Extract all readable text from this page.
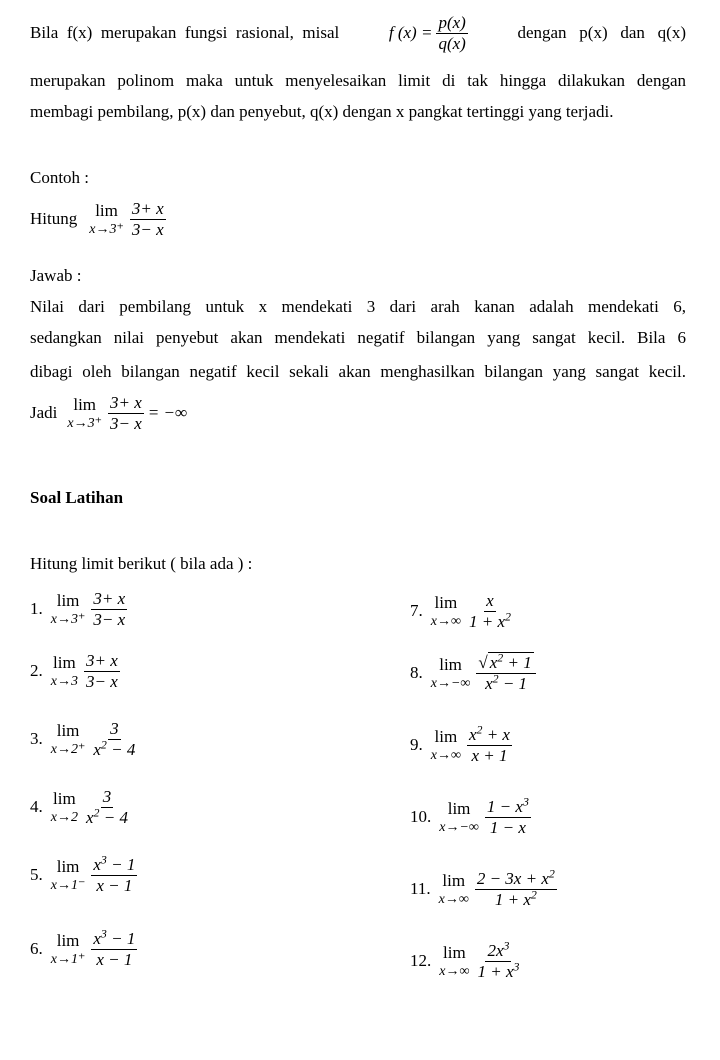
Bila  f(x)  merupakan  fungsi  rasional,  misal	f $(x) = \frac{p(x)}{q(x)}$	dengan   p(x)   dan   q(x)
merupakan polinom maka untuk menyelesaikan limit di tak hingga dilakukan dengan
membagi pembilang, p(x) dan penyebut, q(x) dengan x pangkat tertinggi yang terjadi.
Contoh :
Hitung lim
$x\to 3^+ \frac{3+ x}{3- x}$
Jawab :
Nilai dari pembilang untuk x mendekati 3 dari arah kanan adalah mendekati 6,
sedangkan nilai penyebut akan mendekati negatif bilangan yang sangat kecil. Bila 6
dibagi oleh bilangan negatif kecil sekali akan menghasilkan bilangan yang sangat kecil.
Jadi lim
$x\to 3^+ \frac{3+ x}{3- x}$ = −∞
Soal Latihan
Hitung limit berikut ( bila ada ) :
1. lim
$x\to 3^+ \frac{3+ x}{3- x}$
2. lim
$x\to 3 \frac{3+ x}{3- x}$
3. lim
$x\to 2^+ \frac{3}{x^2 - 4}$
4. lim
$x\to 2 \frac{3}{x^2 - 4}$
5. lim
$x\to 1^- \frac{x^3 - 1}{x - 1}$
6. lim
$x\to 1^+ \frac{x^3 - 1}{x - 1}$
7. lim
$x\to\infty \frac{x}{1 + x^2}$
8. lim
$x\to-\infty \frac{√ x^2 + 1}{x^2 - 1}$
9. lim
$x\to\infty \frac{x^2 + x}{x + 1}$
10. lim
$x\to-\infty \frac{1 - x^3}{1 - x}$
11. lim
$x\to\infty \frac{2 - 3x + x^2}{1 + x^2}$
12. lim
$x\to\infty \frac{2x^3}{1 + x^3}$
